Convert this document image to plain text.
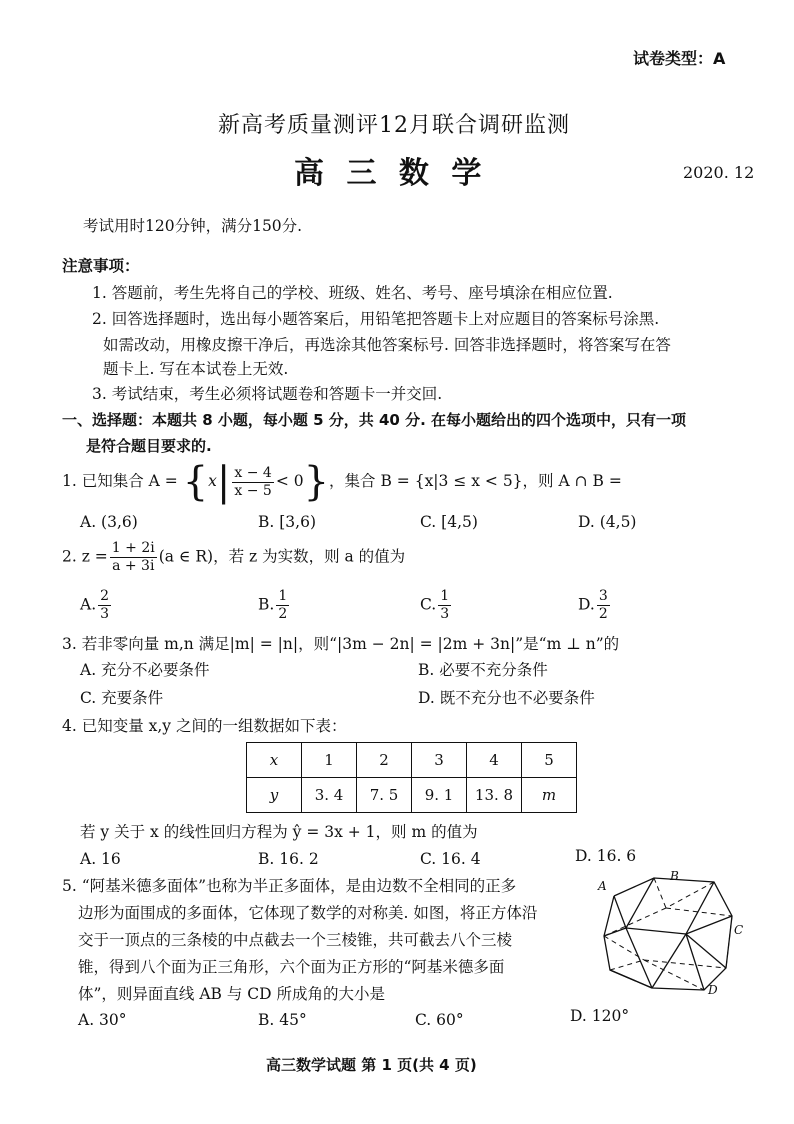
试卷类型：A
新高考质量测评12月联合调研监测
高 三 数 学	2020. 12
考试用时120分钟，满分150分.
注意事项：
1. 答题前，考生先将自己的学校、班级、姓名、考号、座号填涂在相应位置.
2. 回答选择题时，选出每小题答案后，用铅笔把答题卡上对应题目的答案标号涂黑.
如需改动，用橡皮擦干净后，再选涂其他答案标号. 回答非选择题时，将答案写在答
题卡上. 写在本试卷上无效.
3. 考试结束，考生必须将试题卷和答题卡一并交回.
一、选择题：本题共 8 小题，每小题 5 分，共 40 分. 在每小题给出的四个选项中，只有一项
是符合题目要求的.
1. 已知集合 $A = \{x| \frac{x - 4}{x - 5} < 0\}$，集合 B = {x|3 ≤ x < 5}，则 A ∩ B =
A. (3,6)	B. [3,6)	C. [4,5)	D. (4,5)
2. $z = \frac{1 + 2i}{a + 3i} (a$ ∈ R)，若 z 为实数，则 a 的值为
A. $\frac{2}{3}$	B. $\frac{1}{2}$	C. $\frac{1}{3}$	D. $\frac{3}{2}$
3. 若非零向量 m,n 满足|m| = |n|，则“|3m − 2n| = |2m + 3n|”是“m ⊥ n”的
A. 充分不必要条件	B. 必要不充分条件
C. 充要条件	D. 既不充分也不必要条件
4. 已知变量 x,y 之间的一组数据如下表：
x	1	2	3	4	5
y	3. 4	7. 5	9. 1	13. 8	m
若 y 关于 x 的线性回归方程为 ŷ = 3x + 1，则 m 的值为
A. 16	B. 16. 2	C. 16. 4	D. 16. 6
5. “阿基米德多面体”也称为半正多面体，是由边数不全相同的正多
边形为面围成的多面体，它体现了数学的对称美. 如图，将正方体沿
交于一顶点的三条棱的中点截去一个三棱锥，共可截去八个三棱
锥，得到八个面为正三角形，六个面为正方形的“阿基米德多面
体”，则异面直线 AB 与 CD 所成角的大小是
A. 30°	B. 45°	C. 60°	D. 120°
A
B
C
D
高三数学试题 第 1 页(共 4 页)
